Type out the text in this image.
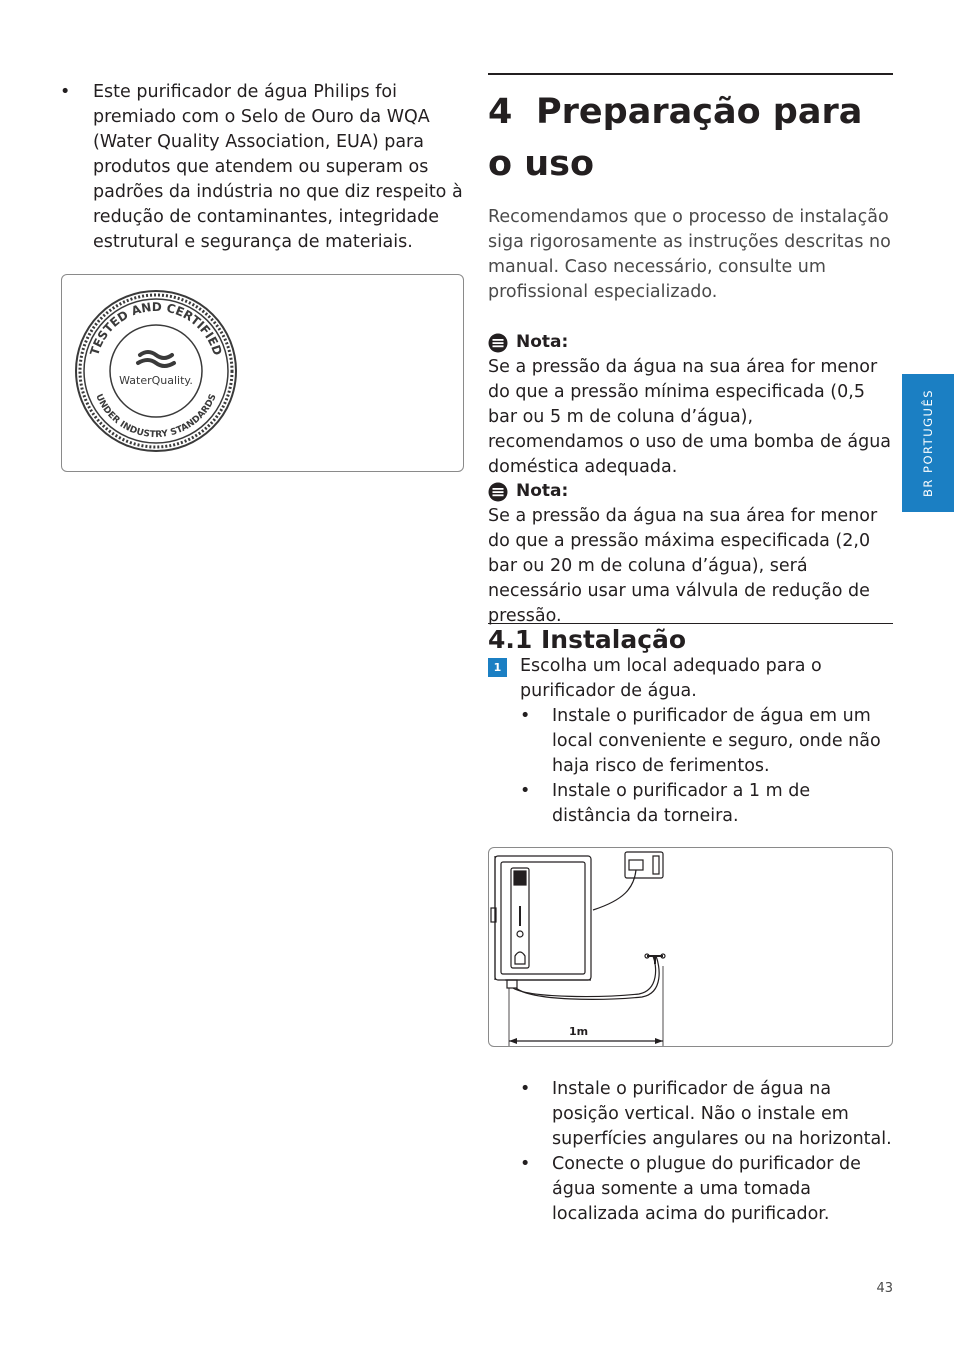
•	Este purificador de água Philips foi premiado com o Selo de Ouro da WQA (Water Quality Association, EUA) para produtos que atendem ou superam os padrões da indústria no que diz respeito à redução de contaminantes, integridade estrutural e segurança de materiais.
TESTED AND CERTIFIED
UNDER INDUSTRY STANDARDS
WaterQuality.
4 Preparação para o uso
Recomendamos que o processo de instalação siga rigorosamente as instruções descritas no manual. Caso necessário, consulte um profissional especializado.
Nota:
Se a pressão da água na sua área for menor do que a pressão mínima especificada (0,5 bar ou 5 m de coluna d’água), recomendamos o uso de uma bomba de água doméstica adequada.
Nota:
Se a pressão da água na sua área for menor do que a pressão máxima especificada (2,0 bar ou 20 m de coluna d’água), será necessário usar uma válvula de redução de pressão.
4.1 Instalação
1	Escolha um local adequado para o purificador de água.
•	Instale o purificador de água em um local conveniente e seguro, onde não haja risco de ferimentos.
•	Instale o purificador a 1 m de distância da torneira.
1m
•	Instale o purificador de água na posição vertical. Não o instale em superfícies angulares ou na horizontal.
•	Conecte o plugue do purificador de água somente a uma tomada localizada acima do purificador.
BR PORTUGUÊS
43
